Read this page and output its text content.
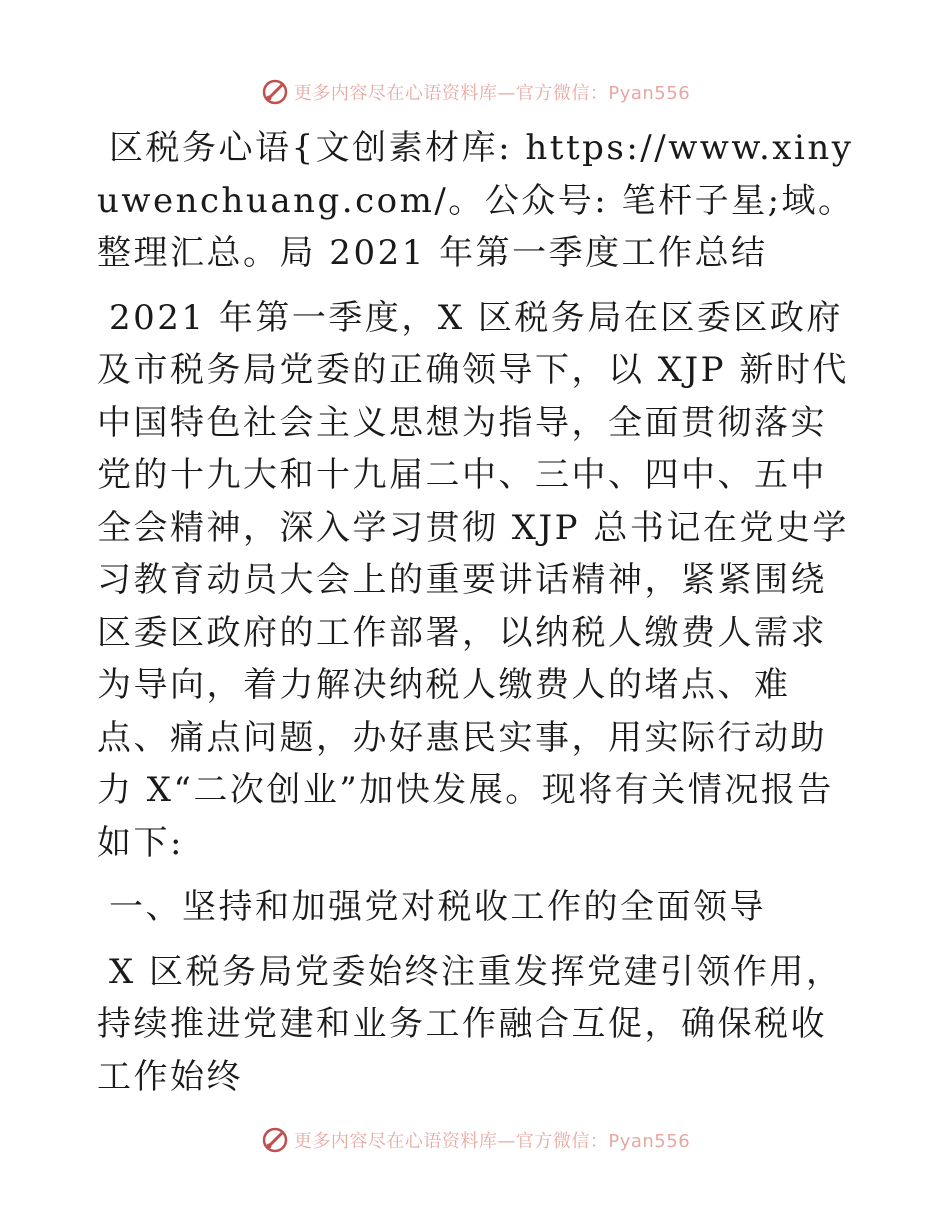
更多内容尽在心语资料库—官方微信：Pyan556

区税务心语{文创素材库: https://www.xinyuwenchuang.com/。公众号: 笔杆子星;域。整理汇总。局 2021 年第一季度工作总结

2021 年第一季度，X 区税务局在区委区政府及市税务局党委的正确领导下，以 XJP 新时代中国特色社会主义思想为指导，全面贯彻落实党的十九大和十九届二中、三中、四中、五中全会精神，深入学习贯彻 XJP 总书记在党史学习教育动员大会上的重要讲话精神，紧紧围绕区委区政府的工作部署，以纳税人缴费人需求为导向，着力解决纳税人缴费人的堵点、难点、痛点问题，办好惠民实事，用实际行动助力 X“二次创业”加快发展。现将有关情况报告如下:

一、坚持和加强党对税收工作的全面领导

X 区税务局党委始终注重发挥党建引领作用，持续推进党建和业务工作融合互促，确保税收工作始终

更多内容尽在心语资料库—官方微信：Pyan556
